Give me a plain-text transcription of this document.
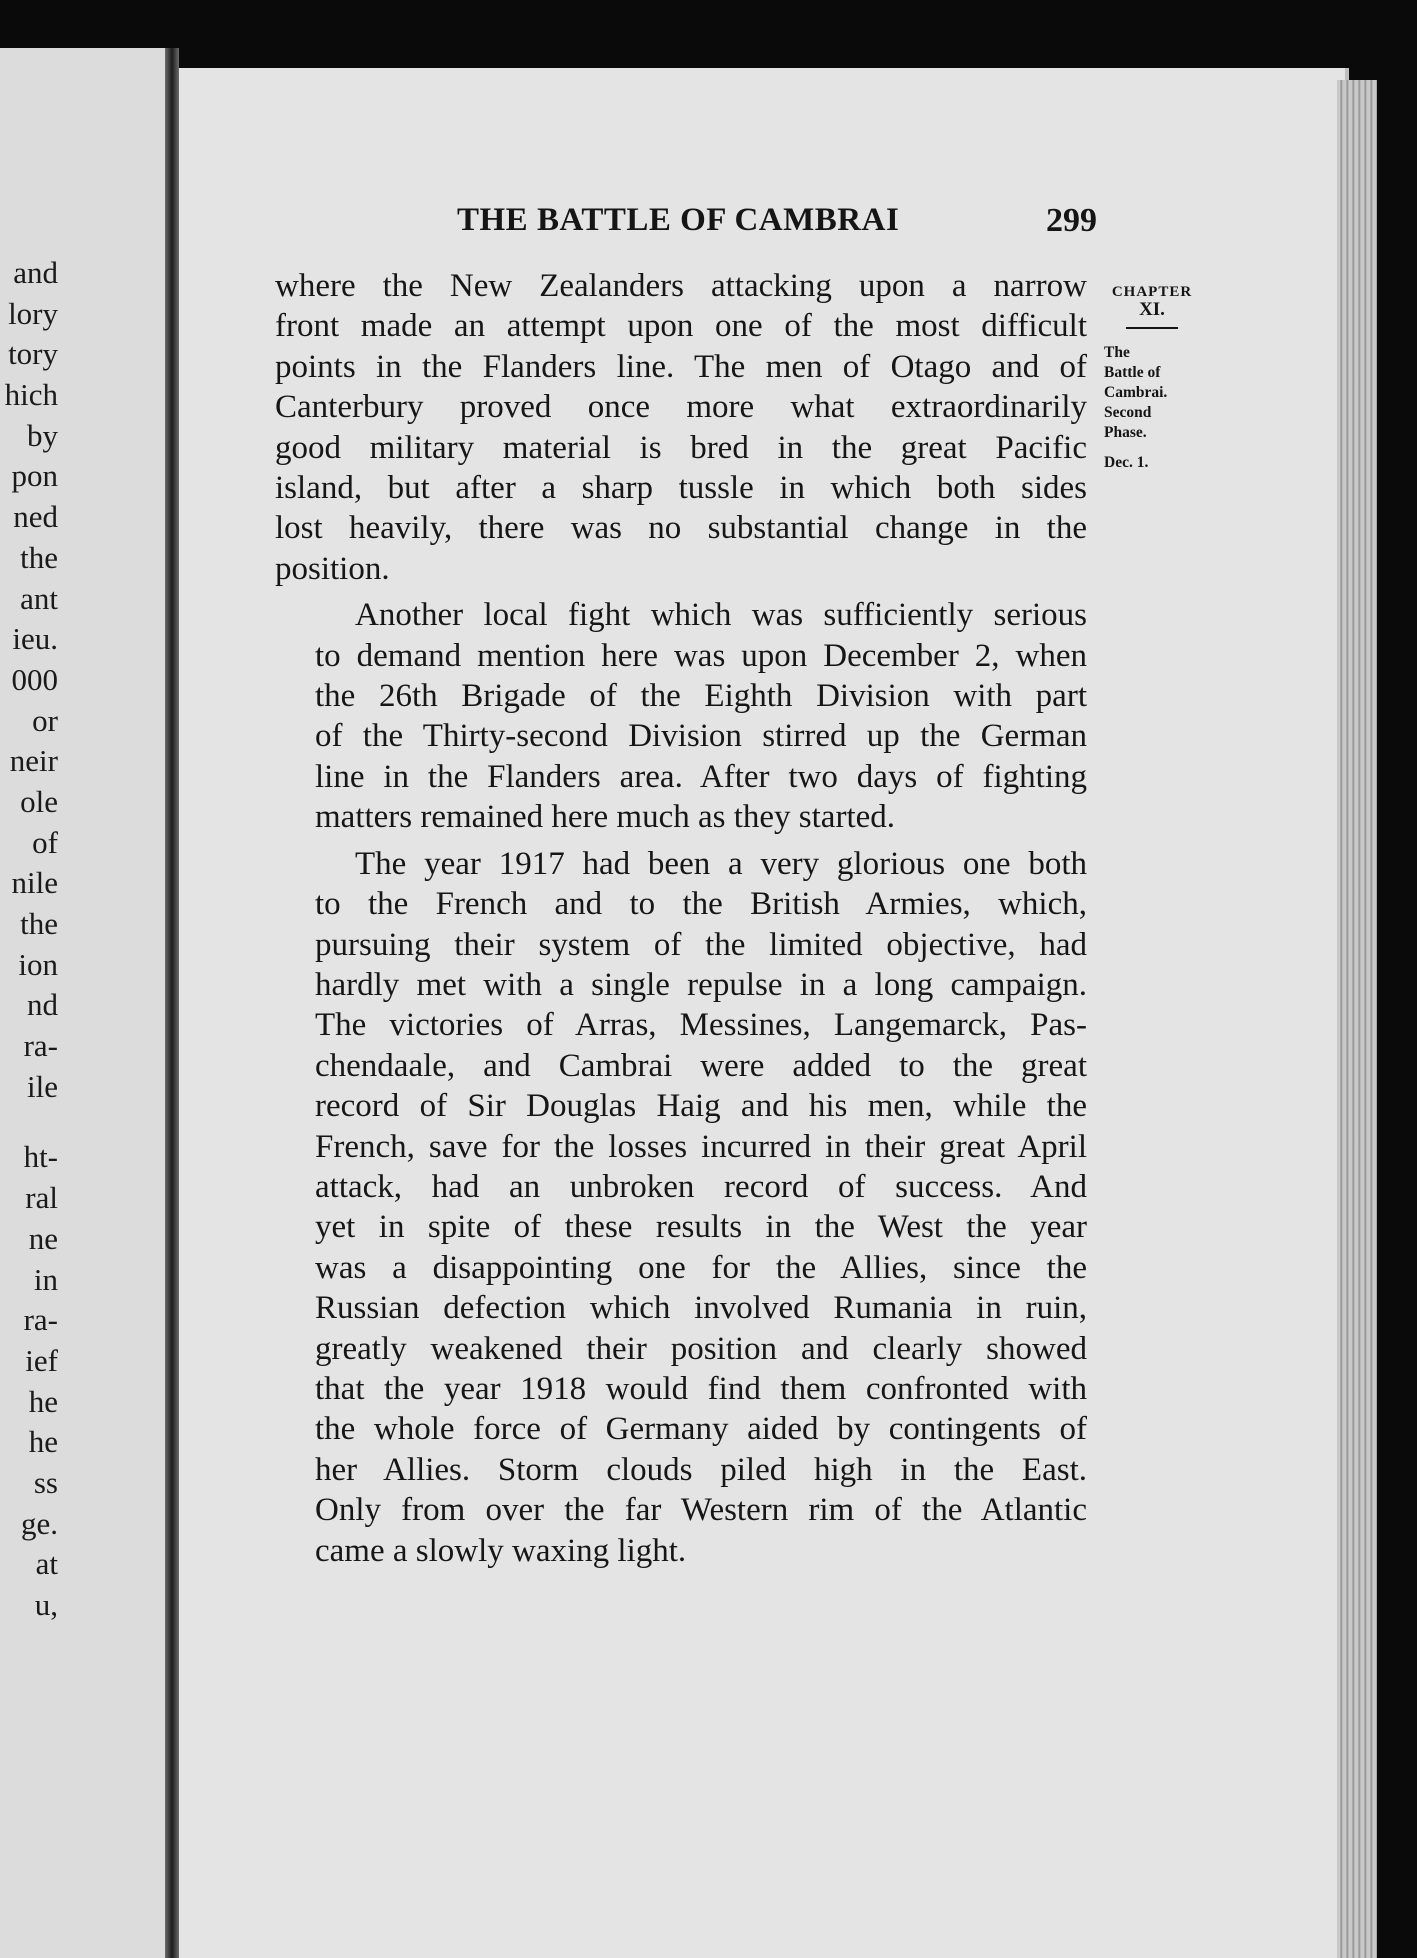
and
lory
tory
hich
by
pon
ned
the
ant
ieu.
000
or
neir
ole
of
nile
the
ion
nd
ra-
ile
ht-
ral
ne
in
ra-
ief
he
he
ss
ge.
at
u,
THE BATTLE OF CAMBRAI	299
where the New Zealanders attacking upon a narrow
front made an attempt upon one of the most difficult
points in the Flanders line. The men of Otago and of
Canterbury proved once more what extraordinarily
good military material is bred in the great Pacific
island, but after a sharp tussle in which both sides
lost heavily, there was no substantial change in the
position.
Another local fight which was sufficiently serious
to demand mention here was upon December 2, when
the 26th Brigade of the Eighth Division with part
of the Thirty-second Division stirred up the German
line in the Flanders area. After two days of fighting
matters remained here much as they started.
The year 1917 had been a very glorious one both
to the French and to the British Armies, which,
pursuing their system of the limited objective, had
hardly met with a single repulse in a long campaign.
The victories of Arras, Messines, Langemarck, Pas-
chendaale, and Cambrai were added to the great
record of Sir Douglas Haig and his men, while the
French, save for the losses incurred in their great April
attack, had an unbroken record of success. And
yet in spite of these results in the West the year
was a disappointing one for the Allies, since the
Russian defection which involved Rumania in ruin,
greatly weakened their position and clearly showed
that the year 1918 would find them confronted with
the whole force of Germany aided by contingents of
her Allies. Storm clouds piled high in the East.
Only from over the far Western rim of the Atlantic
came a slowly waxing light.
CHAPTER
XI.
The
Battle of
Cambrai.
Second
Phase.
Dec. 1.
